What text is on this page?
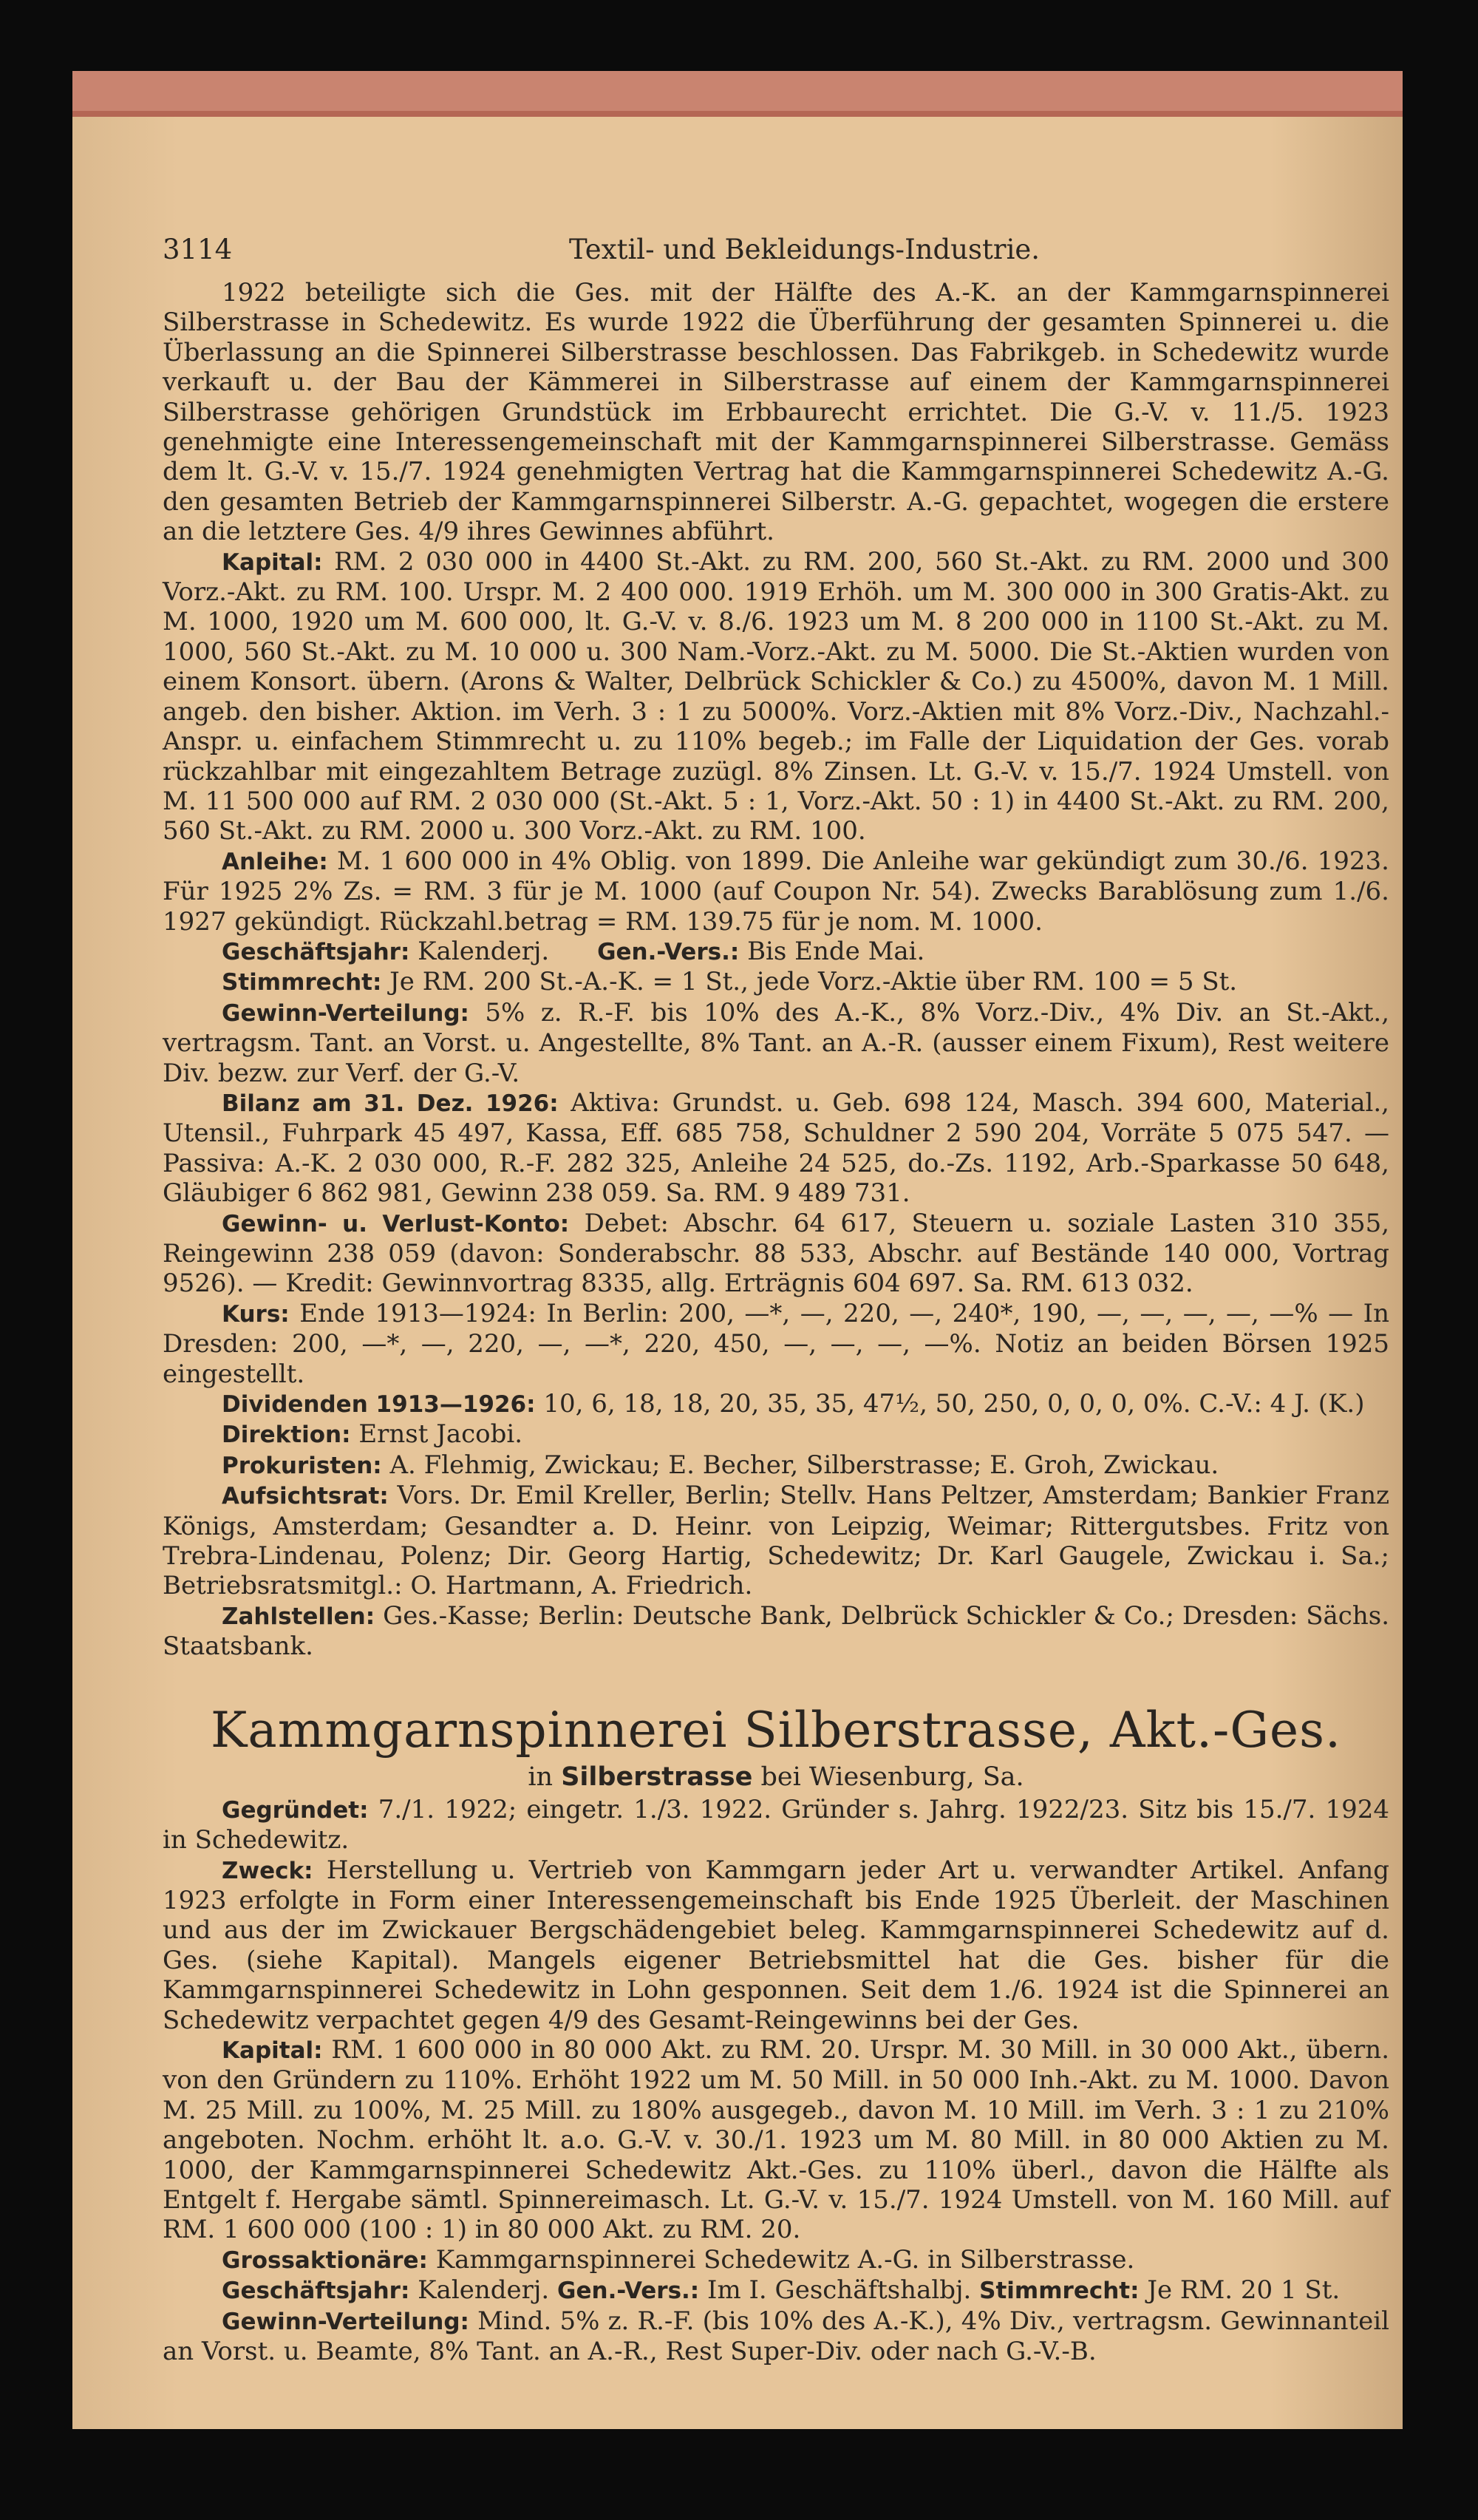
3114	Textil- und Bekleidungs-Industrie.

1922 beteiligte sich die Ges. mit der Hälfte des A.-K. an der Kammgarnspinnerei Silberstrasse in Schedewitz. Es wurde 1922 die Überführung der gesamten Spinnerei u. die Überlassung an die Spinnerei Silberstrasse beschlossen. Das Fabrikgeb. in Schedewitz wurde verkauft u. der Bau der Kämmerei in Silberstrasse auf einem der Kammgarnspinnerei Silberstrasse gehörigen Grundstück im Erbbaurecht errichtet. Die G.-V. v. 11./5. 1923 genehmigte eine Interessengemeinschaft mit der Kammgarnspinnerei Silberstrasse. Gemäss dem lt. G.-V. v. 15./7. 1924 genehmigten Vertrag hat die Kammgarnspinnerei Schedewitz A.-G. den gesamten Betrieb der Kammgarnspinnerei Silberstr. A.-G. gepachtet, wogegen die erstere an die letztere Ges. 4/9 ihres Gewinnes abführt.

Kapital: RM. 2 030 000 in 4400 St.-Akt. zu RM. 200, 560 St.-Akt. zu RM. 2000 und 300 Vorz.-Akt. zu RM. 100. Urspr. M. 2 400 000. 1919 Erhöh. um M. 300 000 in 300 Gratis-Akt. zu M. 1000, 1920 um M. 600 000, lt. G.-V. v. 8./6. 1923 um M. 8 200 000 in 1100 St.-Akt. zu M. 1000, 560 St.-Akt. zu M. 10 000 u. 300 Nam.-Vorz.-Akt. zu M. 5000. Die St.-Aktien wurden von einem Konsort. übern. (Arons & Walter, Delbrück Schickler & Co.) zu 4500%, davon M. 1 Mill. angeb. den bisher. Aktion. im Verh. 3 : 1 zu 5000%. Vorz.-Aktien mit 8% Vorz.-Div., Nachzahl.-Anspr. u. einfachem Stimmrecht u. zu 110% begeb.; im Falle der Liquidation der Ges. vorab rückzahlbar mit eingezahltem Betrage zuzügl. 8% Zinsen. Lt. G.-V. v. 15./7. 1924 Umstell. von M. 11 500 000 auf RM. 2 030 000 (St.-Akt. 5 : 1, Vorz.-Akt. 50 : 1) in 4400 St.-Akt. zu RM. 200, 560 St.-Akt. zu RM. 2000 u. 300 Vorz.-Akt. zu RM. 100.

Anleihe: M. 1 600 000 in 4% Oblig. von 1899. Die Anleihe war gekündigt zum 30./6. 1923. Für 1925 2% Zs. = RM. 3 für je M. 1000 (auf Coupon Nr. 54). Zwecks Barablösung zum 1./6. 1927 gekündigt. Rückzahl.betrag = RM. 139.75 für je nom. M. 1000.

Geschäftsjahr: Kalenderj. Gen.-Vers.: Bis Ende Mai.

Stimmrecht: Je RM. 200 St.-A.-K. = 1 St., jede Vorz.-Aktie über RM. 100 = 5 St.

Gewinn-Verteilung: 5% z. R.-F. bis 10% des A.-K., 8% Vorz.-Div., 4% Div. an St.-Akt., vertragsm. Tant. an Vorst. u. Angestellte, 8% Tant. an A.-R. (ausser einem Fixum), Rest weitere Div. bezw. zur Verf. der G.-V.

Bilanz am 31. Dez. 1926: Aktiva: Grundst. u. Geb. 698 124, Masch. 394 600, Material., Utensil., Fuhrpark 45 497, Kassa, Eff. 685 758, Schuldner 2 590 204, Vorräte 5 075 547. — Passiva: A.-K. 2 030 000, R.-F. 282 325, Anleihe 24 525, do.-Zs. 1192, Arb.-Sparkasse 50 648, Gläubiger 6 862 981, Gewinn 238 059. Sa. RM. 9 489 731.

Gewinn- u. Verlust-Konto: Debet: Abschr. 64 617, Steuern u. soziale Lasten 310 355, Reingewinn 238 059 (davon: Sonderabschr. 88 533, Abschr. auf Bestände 140 000, Vortrag 9526). — Kredit: Gewinnvortrag 8335, allg. Erträgnis 604 697. Sa. RM. 613 032.

Kurs: Ende 1913—1924: In Berlin: 200, —*, —, 220, —, 240*, 190, —, —, —, —, —% — In Dresden: 200, —*, —, 220, —, —*, 220, 450, —, —, —, —%. Notiz an beiden Börsen 1925 eingestellt.

Dividenden 1913—1926: 10, 6, 18, 18, 20, 35, 35, 47½, 50, 250, 0, 0, 0, 0%. C.-V.: 4 J. (K.)

Direktion: Ernst Jacobi.

Prokuristen: A. Flehmig, Zwickau; E. Becher, Silberstrasse; E. Groh, Zwickau.

Aufsichtsrat: Vors. Dr. Emil Kreller, Berlin; Stellv. Hans Peltzer, Amsterdam; Bankier Franz Königs, Amsterdam; Gesandter a. D. Heinr. von Leipzig, Weimar; Rittergutsbes. Fritz von Trebra-Lindenau, Polenz; Dir. Georg Hartig, Schedewitz; Dr. Karl Gaugele, Zwickau i. Sa.; Betriebsratsmitgl.: O. Hartmann, A. Friedrich.

Zahlstellen: Ges.-Kasse; Berlin: Deutsche Bank, Delbrück Schickler & Co.; Dresden: Sächs. Staatsbank.

Kammgarnspinnerei Silberstrasse, Akt.-Ges.
in Silberstrasse bei Wiesenburg, Sa.

Gegründet: 7./1. 1922; eingetr. 1./3. 1922. Gründer s. Jahrg. 1922/23. Sitz bis 15./7. 1924 in Schedewitz.

Zweck: Herstellung u. Vertrieb von Kammgarn jeder Art u. verwandter Artikel. Anfang 1923 erfolgte in Form einer Interessengemeinschaft bis Ende 1925 Überleit. der Maschinen und aus der im Zwickauer Bergschädengebiet beleg. Kammgarnspinnerei Schedewitz auf d. Ges. (siehe Kapital). Mangels eigener Betriebsmittel hat die Ges. bisher für die Kammgarnspinnerei Schedewitz in Lohn gesponnen. Seit dem 1./6. 1924 ist die Spinnerei an Schedewitz verpachtet gegen 4/9 des Gesamt-Reingewinns bei der Ges.

Kapital: RM. 1 600 000 in 80 000 Akt. zu RM. 20. Urspr. M. 30 Mill. in 30 000 Akt., übern. von den Gründern zu 110%. Erhöht 1922 um M. 50 Mill. in 50 000 Inh.-Akt. zu M. 1000. Davon M. 25 Mill. zu 100%, M. 25 Mill. zu 180% ausgegeb., davon M. 10 Mill. im Verh. 3 : 1 zu 210% angeboten. Nochm. erhöht lt. a.o. G.-V. v. 30./1. 1923 um M. 80 Mill. in 80 000 Aktien zu M. 1000, der Kammgarnspinnerei Schedewitz Akt.-Ges. zu 110% überl., davon die Hälfte als Entgelt f. Hergabe sämtl. Spinnereimasch. Lt. G.-V. v. 15./7. 1924 Umstell. von M. 160 Mill. auf RM. 1 600 000 (100 : 1) in 80 000 Akt. zu RM. 20.

Grossaktionäre: Kammgarnspinnerei Schedewitz A.-G. in Silberstrasse.

Geschäftsjahr: Kalenderj. Gen.-Vers.: Im I. Geschäftshalbj. Stimmrecht: Je RM. 20 1 St.

Gewinn-Verteilung: Mind. 5% z. R.-F. (bis 10% des A.-K.), 4% Div., vertragsm. Gewinnanteil an Vorst. u. Beamte, 8% Tant. an A.-R., Rest Super-Div. oder nach G.-V.-B.
